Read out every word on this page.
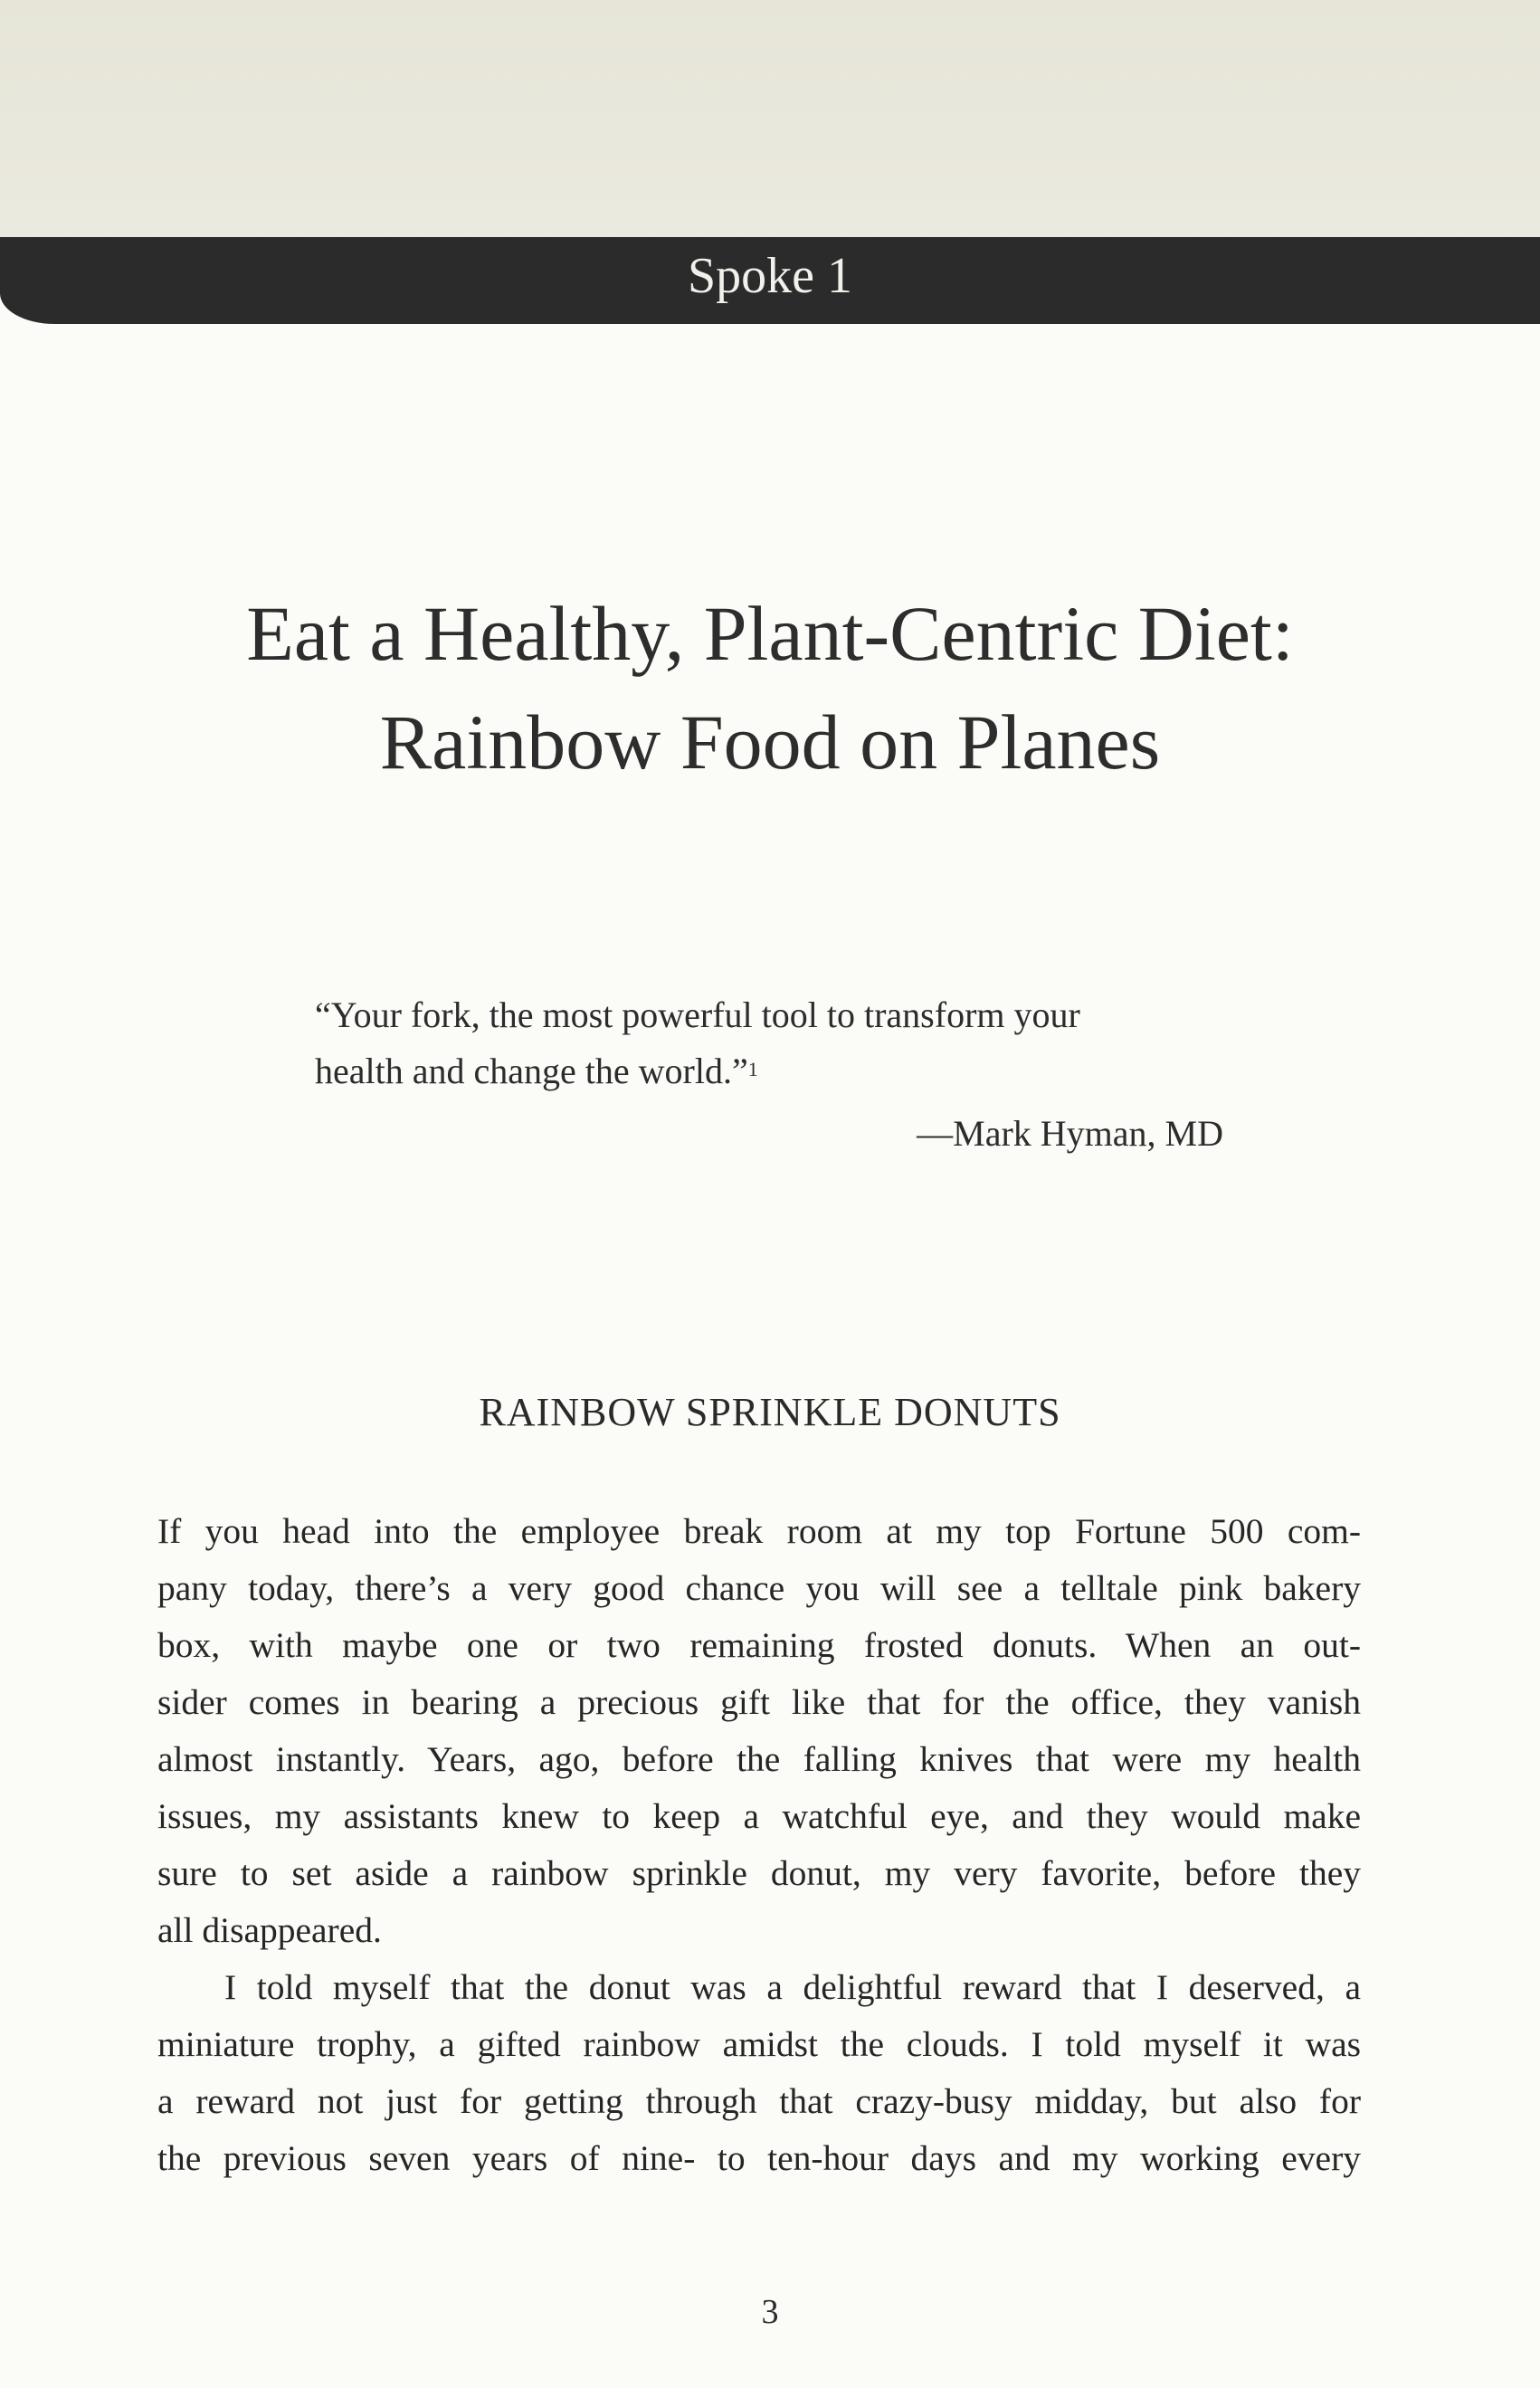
Spoke 1
Eat a Healthy, Plant-Centric Diet:
Rainbow Food on Planes
“Your fork, the most powerful tool to transform your
health and change the world.”$^1$
—Mark Hyman, MD
RAINBOW SPRINKLE DONUTS
If you head into the employee break room at my top Fortune 500 com-
pany today, there’s a very good chance you will see a telltale pink bakery
box, with maybe one or two remaining frosted donuts. When an out-
sider comes in bearing a precious gift like that for the office, they vanish
almost instantly. Years, ago, before the falling knives that were my health
issues, my assistants knew to keep a watchful eye, and they would make
sure to set aside a rainbow sprinkle donut, my very favorite, before they
all disappeared.
I told myself that the donut was a delightful reward that I deserved, a
miniature trophy, a gifted rainbow amidst the clouds. I told myself it was
a reward not just for getting through that crazy-busy midday, but also for
the previous seven years of nine- to ten-hour days and my working every
3
